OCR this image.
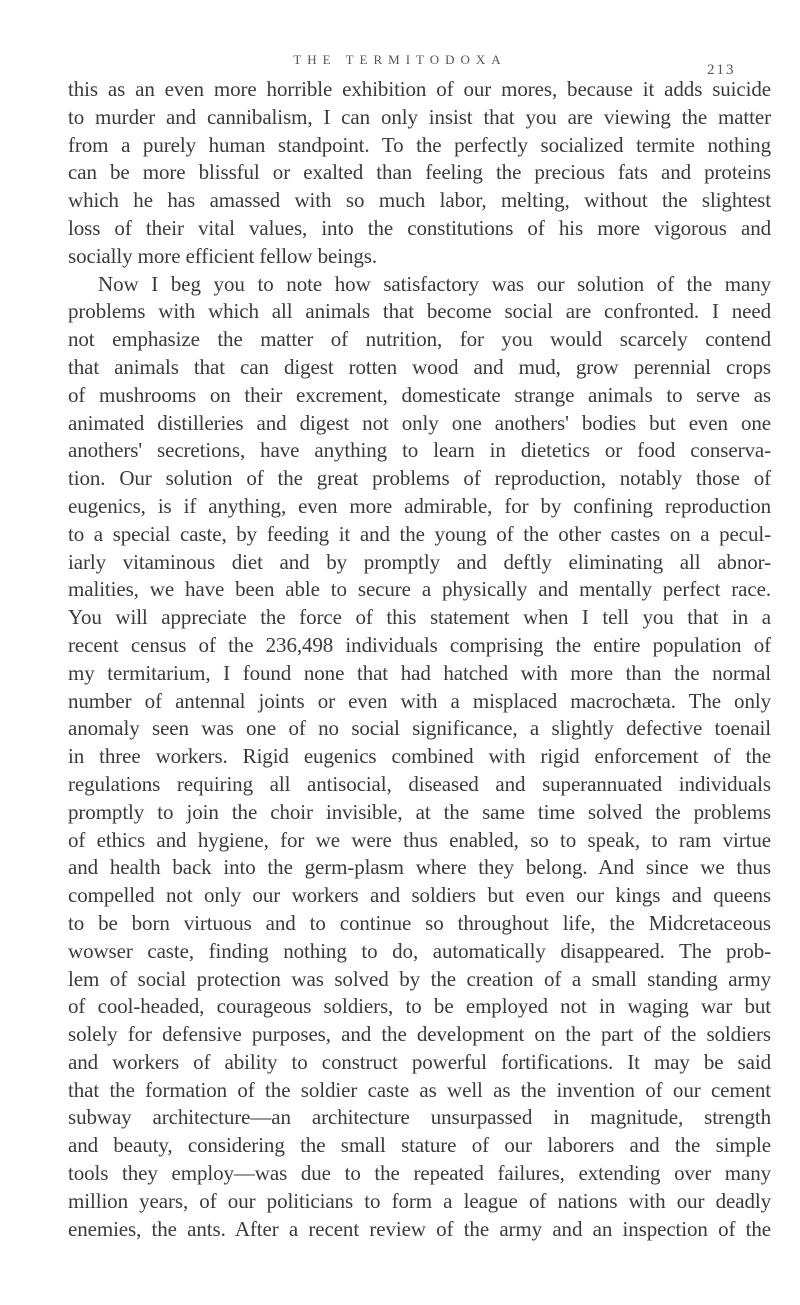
THE TERMITODOXA
213
this as an even more horrible exhibition of our mores, because it adds suicide
to murder and cannibalism, I can only insist that you are viewing the matter
from a purely human standpoint. To the perfectly socialized termite nothing
can be more blissful or exalted than feeling the precious fats and proteins
which he has amassed with so much labor, melting, without the slightest
loss of their vital values, into the constitutions of his more vigorous and
socially more efficient fellow beings.
Now I beg you to note how satisfactory was our solution of the many
problems with which all animals that become social are confronted. I need
not emphasize the matter of nutrition, for you would scarcely contend
that animals that can digest rotten wood and mud, grow perennial crops
of mushrooms on their excrement, domesticate strange animals to serve as
animated distilleries and digest not only one anothers' bodies but even one
anothers' secretions, have anything to learn in dietetics or food conserva-
tion. Our solution of the great problems of reproduction, notably those of
eugenics, is if anything, even more admirable, for by confining reproduction
to a special caste, by feeding it and the young of the other castes on a pecul-
iarly vitaminous diet and by promptly and deftly eliminating all abnor-
malities, we have been able to secure a physically and mentally perfect race.
You will appreciate the force of this statement when I tell you that in a
recent census of the 236,498 individuals comprising the entire population of
my termitarium, I found none that had hatched with more than the normal
number of antennal joints or even with a misplaced macrochæta. The only
anomaly seen was one of no social significance, a slightly defective toenail
in three workers. Rigid eugenics combined with rigid enforcement of the
regulations requiring all antisocial, diseased and superannuated individuals
promptly to join the choir invisible, at the same time solved the problems
of ethics and hygiene, for we were thus enabled, so to speak, to ram virtue
and health back into the germ-plasm where they belong. And since we thus
compelled not only our workers and soldiers but even our kings and queens
to be born virtuous and to continue so throughout life, the Midcretaceous
wowser caste, finding nothing to do, automatically disappeared. The prob-
lem of social protection was solved by the creation of a small standing army
of cool-headed, courageous soldiers, to be employed not in waging war but
solely for defensive purposes, and the development on the part of the soldiers
and workers of ability to construct powerful fortifications. It may be said
that the formation of the soldier caste as well as the invention of our cement
subway architecture—an architecture unsurpassed in magnitude, strength
and beauty, considering the small stature of our laborers and the simple
tools they employ—was due to the repeated failures, extending over many
million years, of our politicians to form a league of nations with our deadly
enemies, the ants. After a recent review of the army and an inspection of the
